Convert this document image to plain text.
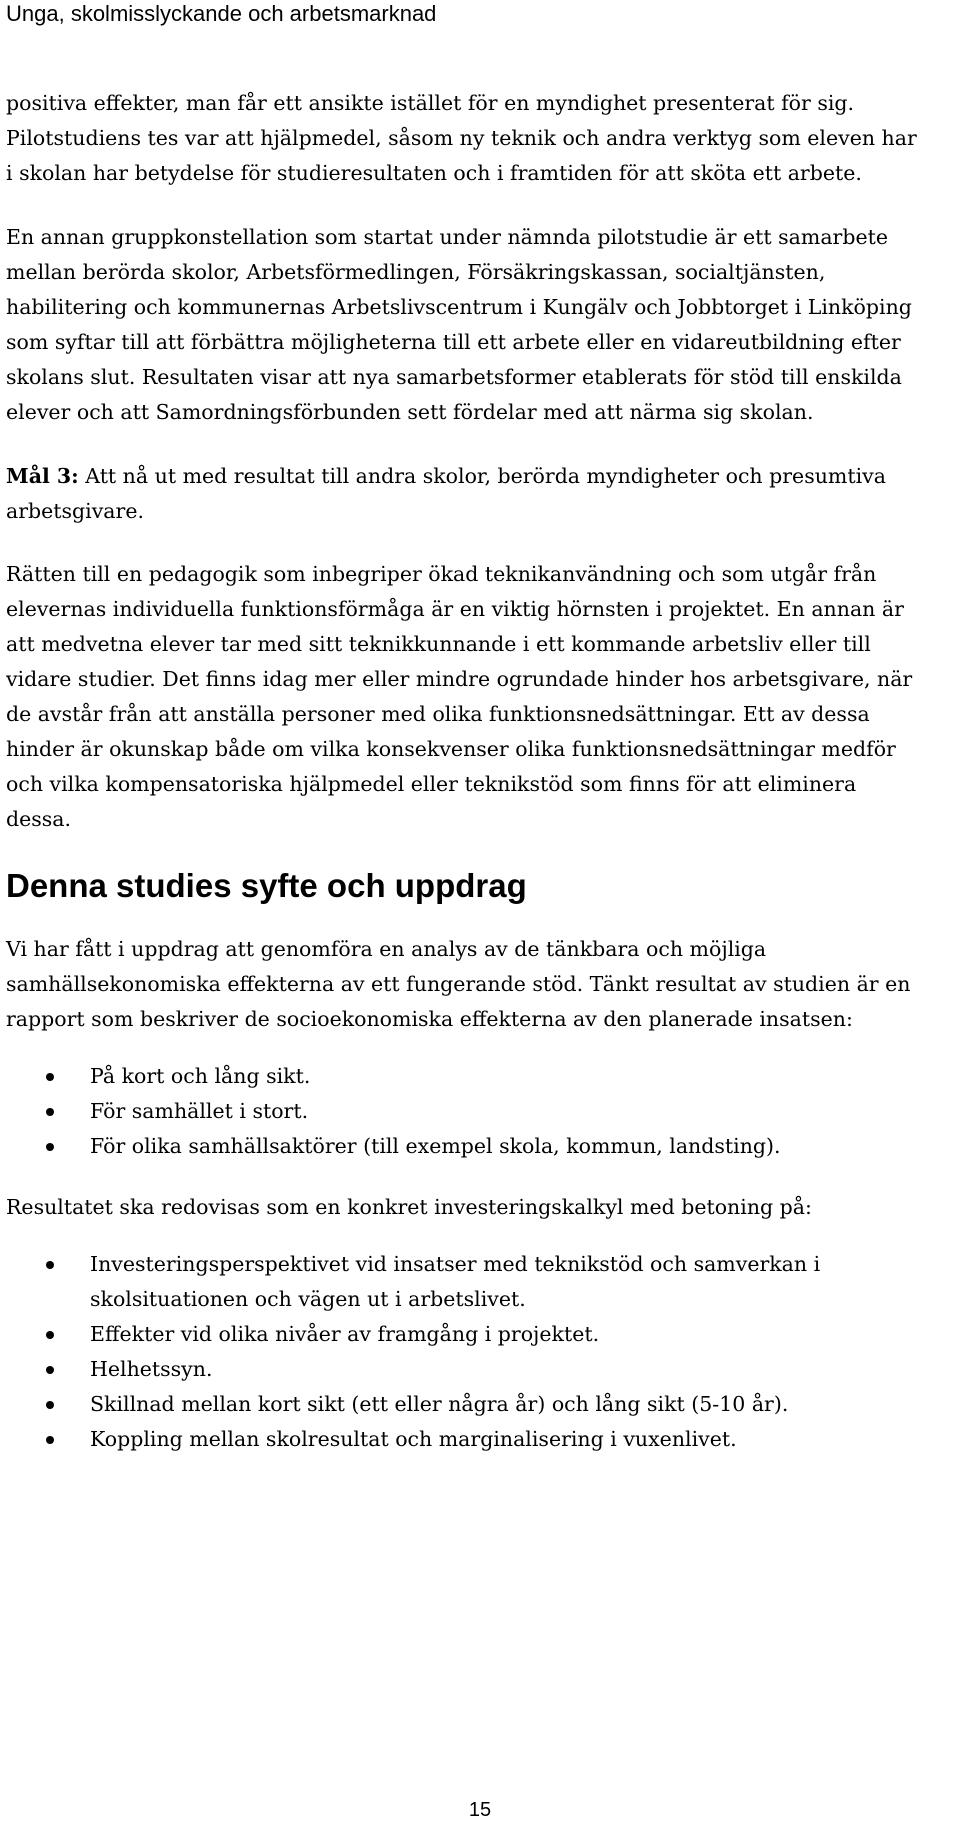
Unga, skolmisslyckande och arbetsmarknad

positiva effekter, man får ett ansikte istället för en myndighet presenterat för sig. Pilotstudiens tes var att hjälpmedel, såsom ny teknik och andra verktyg som eleven har i skolan har betydelse för studieresultaten och i framtiden för att sköta ett arbete.

En annan gruppkonstellation som startat under nämnda pilotstudie är ett samarbete mellan berörda skolor, Arbetsförmedlingen, Försäkringskassan, socialtjänsten, habilitering och kommunernas Arbetslivscentrum i Kungälv och Jobbtorget i Linköping som syftar till att förbättra möjligheterna till ett arbete eller en vidareutbildning efter skolans slut. Resultaten visar att nya samarbetsformer etablerats för stöd till enskilda elever och att Samordningsförbunden sett fördelar med att närma sig skolan.

Mål 3: Att nå ut med resultat till andra skolor, berörda myndigheter och presumtiva arbetsgivare.

Rätten till en pedagogik som inbegriper ökad teknikanvändning och som utgår från elevernas individuella funktionsförmåga är en viktig hörnsten i projektet. En annan är att medvetna elever tar med sitt teknikkunnande i ett kommande arbetsliv eller till vidare studier. Det finns idag mer eller mindre ogrundade hinder hos arbetsgivare, när de avstår från att anställa personer med olika funktionsnedsättningar. Ett av dessa hinder är okunskap både om vilka konsekvenser olika funktionsnedsättningar medför och vilka kompensatoriska hjälpmedel eller teknikstöd som finns för att eliminera dessa.

Denna studies syfte och uppdrag

Vi har fått i uppdrag att genomföra en analys av de tänkbara och möjliga samhällsekonomiska effekterna av ett fungerande stöd. Tänkt resultat av studien är en rapport som beskriver de socioekonomiska effekterna av den planerade insatsen:

På kort och lång sikt.
För samhället i stort.
För olika samhällsaktörer (till exempel skola, kommun, landsting).

Resultatet ska redovisas som en konkret investeringskalkyl med betoning på:

Investeringsperspektivet vid insatser med teknikstöd och samverkan i skolsituationen och vägen ut i arbetslivet.
Effekter vid olika nivåer av framgång i projektet.
Helhetssyn.
Skillnad mellan kort sikt (ett eller några år) och lång sikt (5-10 år).
Koppling mellan skolresultat och marginalisering i vuxenlivet.
15
